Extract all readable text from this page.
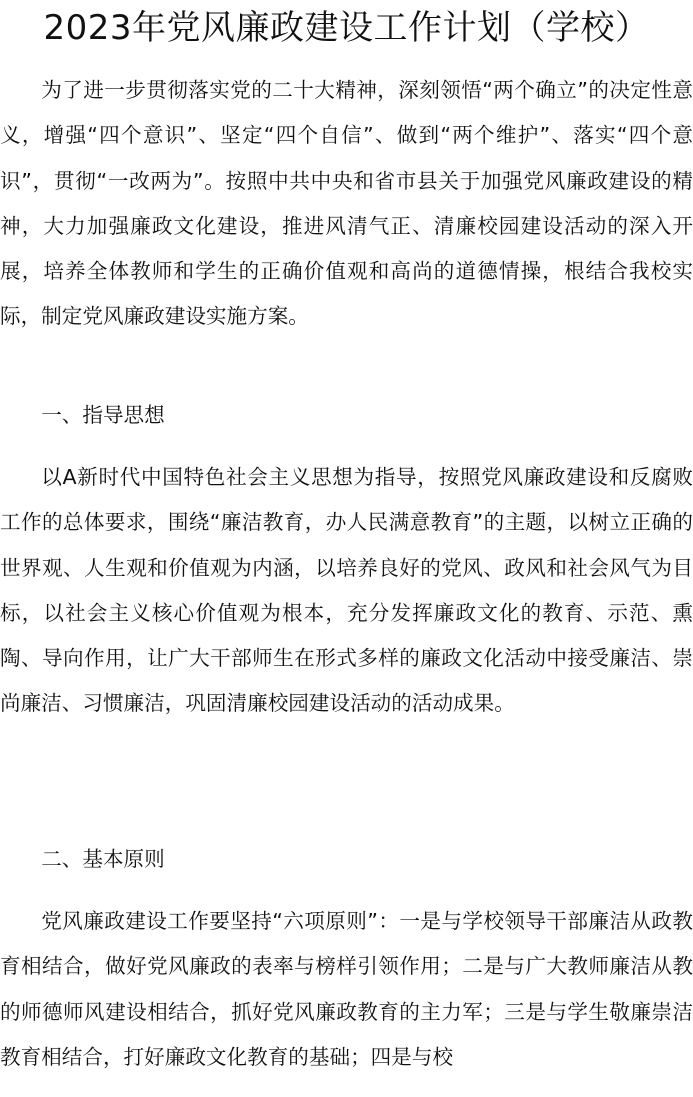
2023年党风廉政建设工作计划（学校）

为了进一步贯彻落实党的二十大精神，深刻领悟“两个确立”的决定性意义，增强“四个意识”、坚定“四个自信”、做到“两个维护”、落实“四个意识”，贯彻“一改两为”。按照中共中央和省市县关于加强党风廉政建设的精神，大力加强廉政文化建设，推进风清气正、清廉校园建设活动的深入开展，培养全体教师和学生的正确价值观和高尚的道德情操，根结合我校实际，制定党风廉政建设实施方案。

一、指导思想

以A新时代中国特色社会主义思想为指导，按照党风廉政建设和反腐败工作的总体要求，围绕“廉洁教育，办人民满意教育”的主题，以树立正确的世界观、人生观和价值观为内涵，以培养良好的党风、政风和社会风气为目标，以社会主义核心价值观为根本，充分发挥廉政文化的教育、示范、熏陶、导向作用，让广大干部师生在形式多样的廉政文化活动中接受廉洁、崇尚廉洁、习惯廉洁，巩固清廉校园建设活动的活动成果。

二、基本原则

党风廉政建设工作要坚持“六项原则”：一是与学校领导干部廉洁从政教育相结合，做好党风廉政的表率与榜样引领作用；二是与广大教师廉洁从教的师德师风建设相结合，抓好党风廉政教育的主力军；三是与学生敬廉崇洁教育相结合，打好廉政文化教育的基础；四是与校
